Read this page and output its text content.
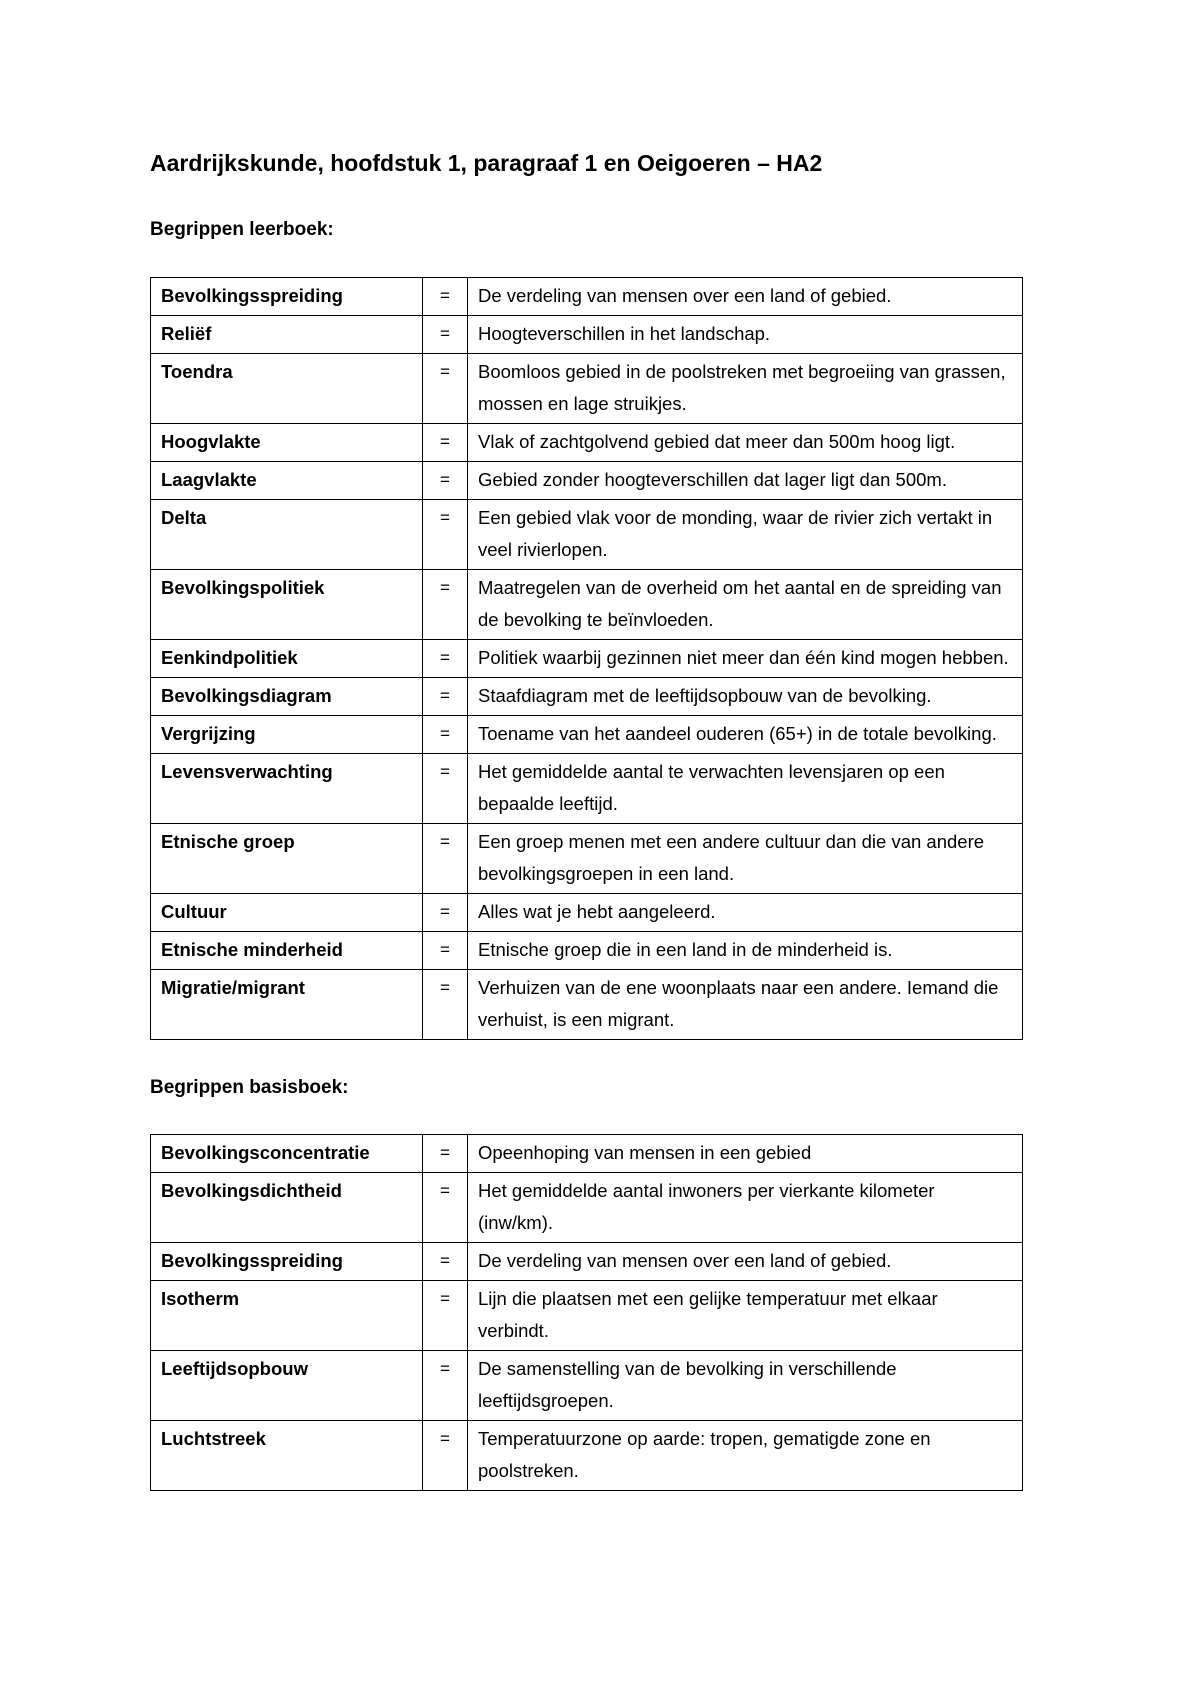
Aardrijkskunde, hoofdstuk 1, paragraaf 1 en Oeigoeren – HA2
Begrippen leerboek:
Bevolkingsspreiding	=	De verdeling van mensen over een land of gebied.
Reliëf	=	Hoogteverschillen in het landschap.
Toendra	=	Boomloos gebied in de poolstreken met begroeiing van grassen, mossen en lage struikjes.
Hoogvlakte	=	Vlak of zachtgolvend gebied dat meer dan 500m hoog ligt.
Laagvlakte	=	Gebied zonder hoogteverschillen dat lager ligt dan 500m.
Delta	=	Een gebied vlak voor de monding, waar de rivier zich vertakt in veel rivierlopen.
Bevolkingspolitiek	=	Maatregelen van de overheid om het aantal en de spreiding van de bevolking te beïnvloeden.
Eenkindpolitiek	=	Politiek waarbij gezinnen niet meer dan één kind mogen hebben.
Bevolkingsdiagram	=	Staafdiagram met de leeftijdsopbouw van de bevolking.
Vergrijzing	=	Toename van het aandeel ouderen (65+) in de totale bevolking.
Levensverwachting	=	Het gemiddelde aantal te verwachten levensjaren op een bepaalde leeftijd.
Etnische groep	=	Een groep menen met een andere cultuur dan die van andere bevolkingsgroepen in een land.
Cultuur	=	Alles wat je hebt aangeleerd.
Etnische minderheid	=	Etnische groep die in een land in de minderheid is.
Migratie/migrant	=	Verhuizen van de ene woonplaats naar een andere. Iemand die verhuist, is een migrant.
Begrippen basisboek:
Bevolkingsconcentratie	=	Opeenhoping van mensen in een gebied
Bevolkingsdichtheid	=	Het gemiddelde aantal inwoners per vierkante kilometer (inw/km).
Bevolkingsspreiding	=	De verdeling van mensen over een land of gebied.
Isotherm	=	Lijn die plaatsen met een gelijke temperatuur met elkaar verbindt.
Leeftijdsopbouw	=	De samenstelling van de bevolking in verschillende leeftijdsgroepen.
Luchtstreek	=	Temperatuurzone op aarde: tropen, gematigde zone en poolstreken.
